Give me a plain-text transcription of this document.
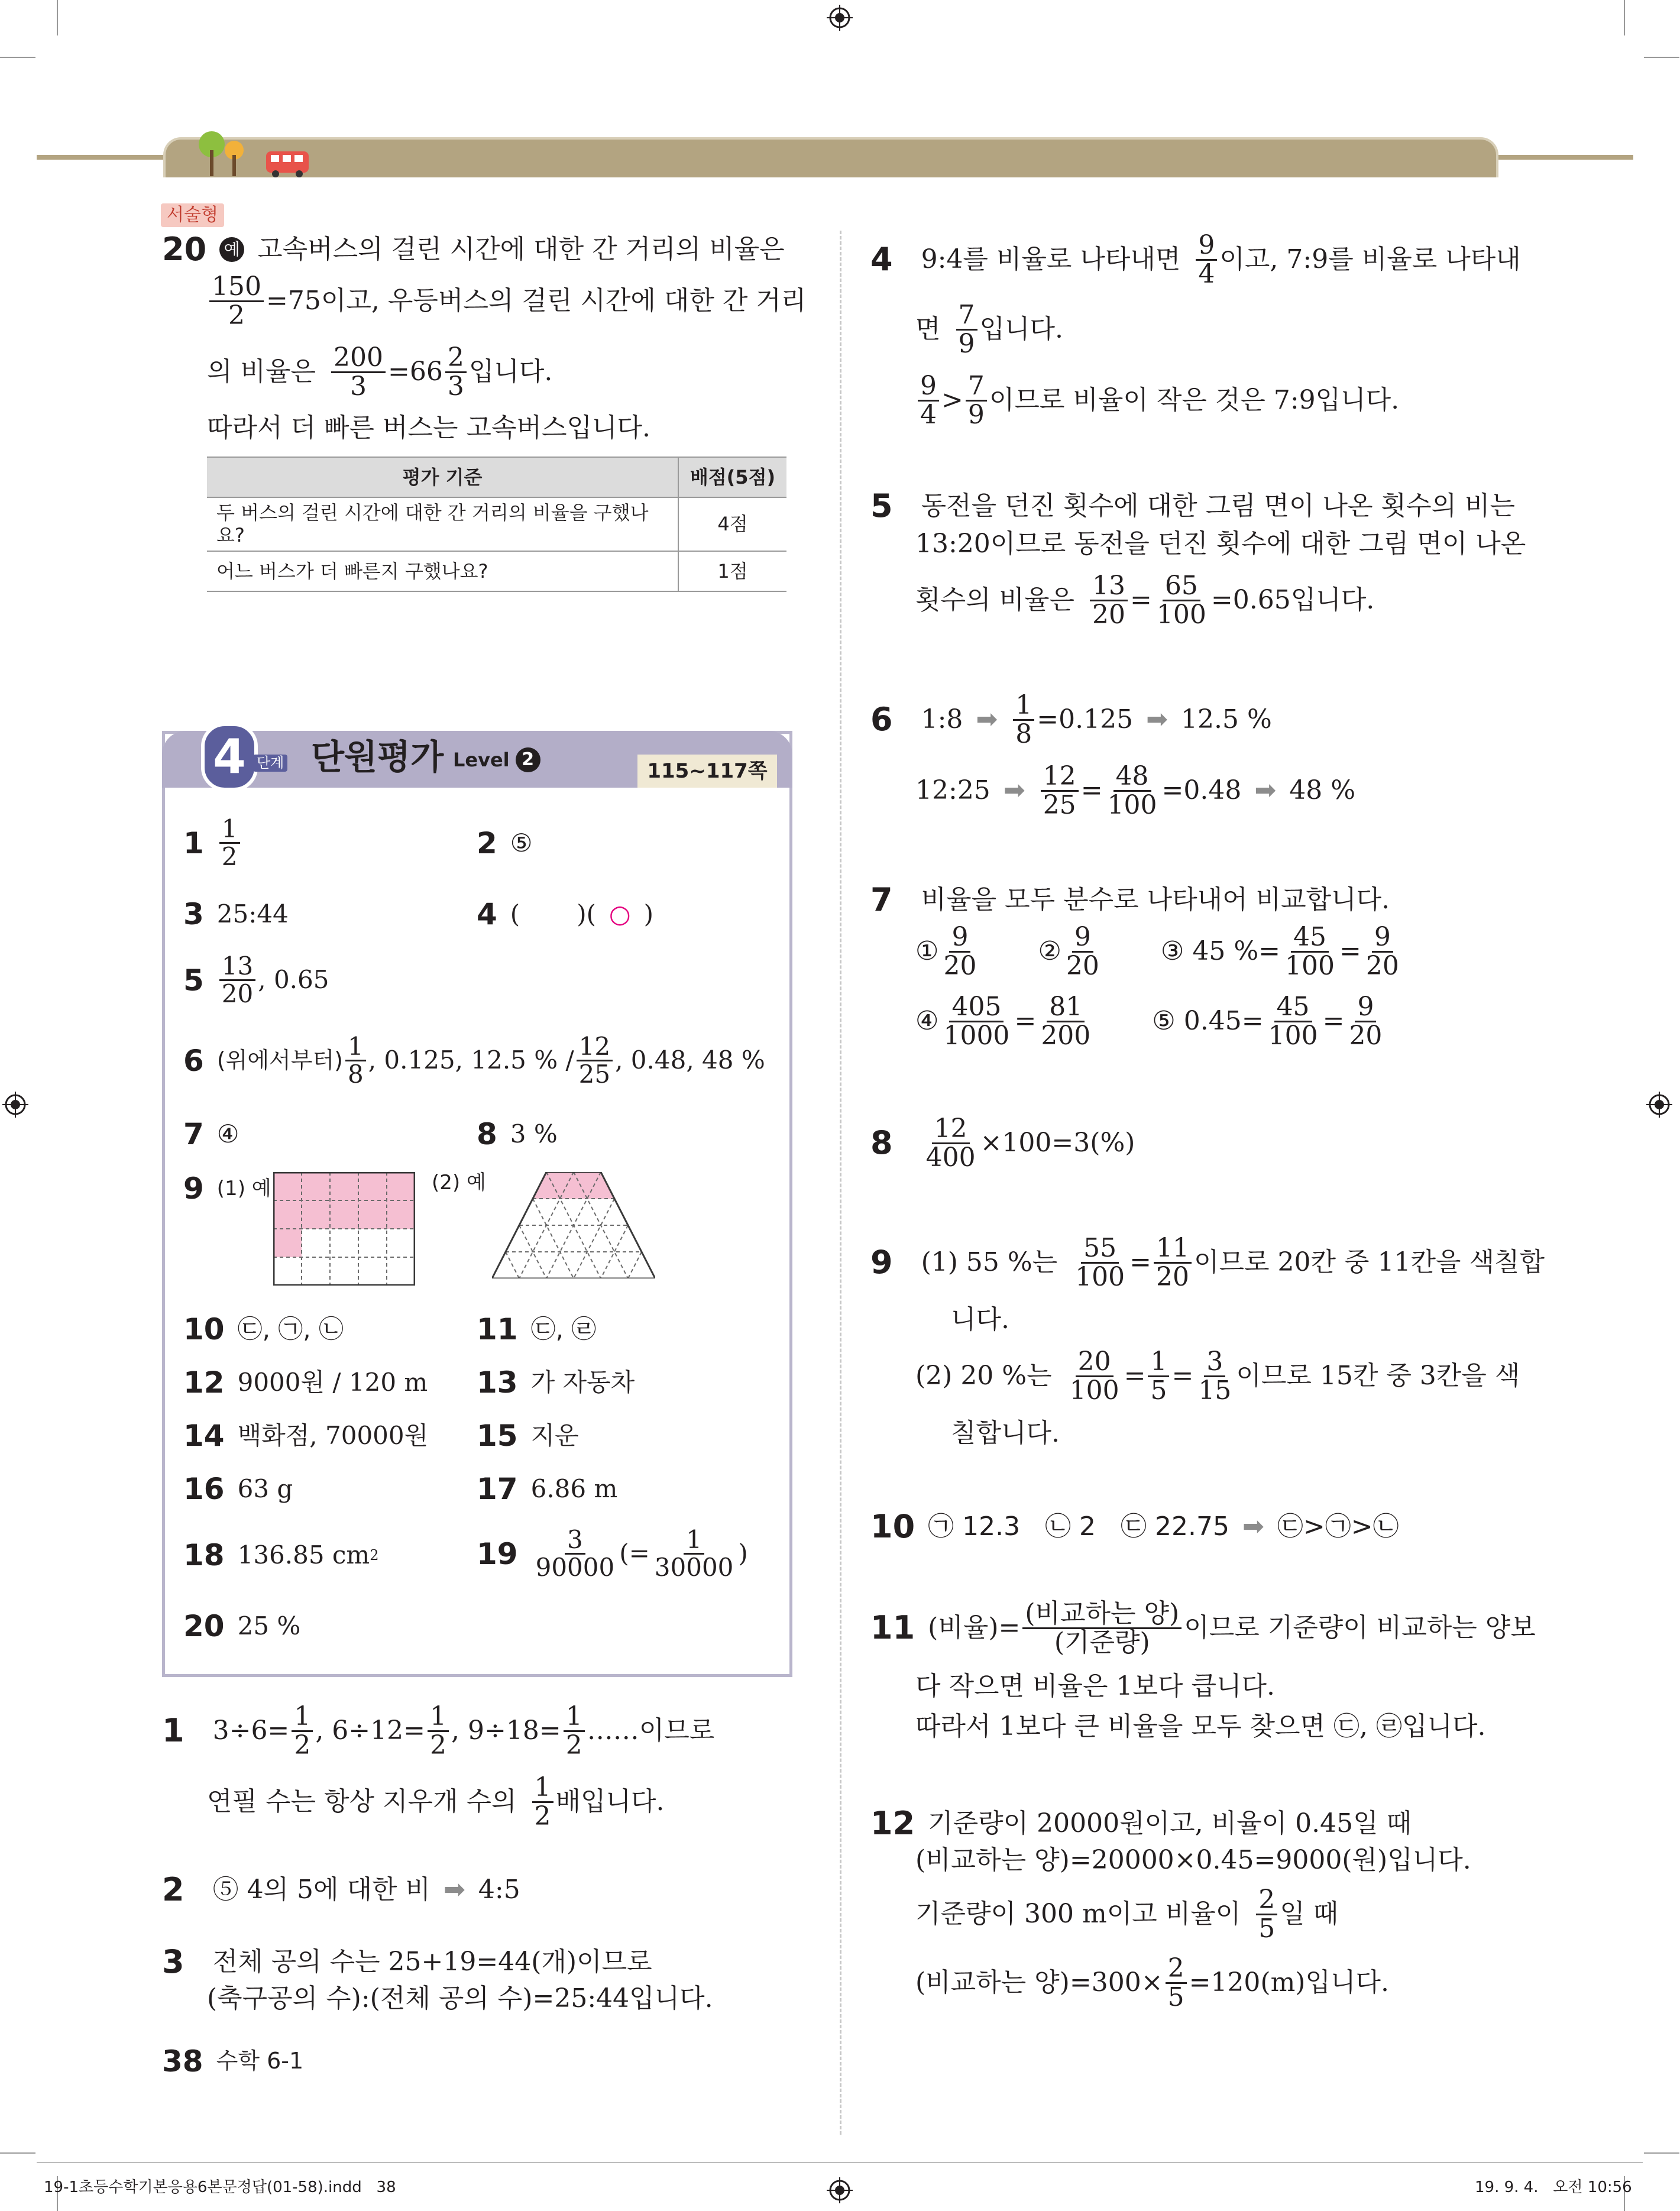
서술형
20 예 고속버스의 걸린 시간에 대한 간 거리의 비율은
$\frac{150}{2} =75$이고, 우등버스의 걸린 시간에 대한 간 거리
의 비율은 $\frac{200}{3} =66 \frac{2}{3}$ 입니다.
따라서 더 빠른 버스는 고속버스입니다.
평가 기준	배점(5점)
두 버스의 걸린 시간에 대한 간 거리의 비율을 구했나요?	4점
어느 버스가 더 빠른지 구했나요?	1점
4 단계 단원평가 Level 2	115~117쪽
$1 \frac{1}{2}$	2 ⑤
3 25:44	4 ( ) ( ○ )
$5 \frac{13}{20}$ , 0.65
6 (위에서부터) $\frac{1}{8}$ , 0.125, 12.5 % / $\frac{12}{25}$ , 0.48, 48 %
7 ④	8 3 %
9 (1) 예	(2) 예
10 ㉢, ㉠, ㉡	11 ㉢, ㉣
12 9000원 / 120 m 13 가 자동차
14 백화점, 70000원 15 지운
16 63 g	17 6.86 m
18 136.85 cm 2	$19 \frac{3}{90000}$ (= $\frac{1}{30000}$ )
20 25 %
1 $3\div 6= \frac{1}{2}$ , $6\div 12= \frac{1}{2}$ , $9\div 18= \frac{1}{2}$ ……이므로
연필 수는 항상 지우개 수의 $\frac{1}{2}$ 배입니다.
2 ⑤ 4의 5에 대한 비 ➡ 4:5
3 전체 공의 수는 25+19=44(개)이므로
(축구공의 수):(전체 공의 수)=25:44입니다.
38 수학 6-1
4 9:4를 비율로 나타내면 $\frac{9}{4}$ 이고, 7:9를 비율로 나타내
면 $\frac{7}{9}$ 입니다.
$\frac{9}{4} > \frac{7}{9}$ 이므로 비율이 작은 것은 7:9입니다.
5 동전을 던진 횟수에 대한 그림 면이 나온 횟수의 비는
13:20이므로 동전을 던진 횟수에 대한 그림 면이 나온
횟수의 비율은 $\frac{13}{20} = \frac{65}{100} =0.65$입니다.
6 1:8 ➡ $\frac{1}{8} =0.125$ ➡ 12.5 %
12:25 ➡ $\frac{12}{25} = \frac{48}{100} =0.48$ ➡ 48 %
7 비율을 모두 분수로 나타내어 비교합니다.
① $\frac{9}{20}$ ② $\frac{9}{20}$ ③ 45 %= $\frac{45}{100} = \frac{9}{20}$
④ $\frac{405}{1000} = \frac{81}{200}$ ⑤ $0.45= \frac{45}{100} = \frac{9}{20}$
$8 \frac{12}{400} \times 100=3(\%)$
9 (1) 55 %는 $\frac{55}{100} = \frac{11}{20}$ 이므로 20칸 중 11칸을 색칠합
니다.
(2) 20 %는 $\frac{20}{100} = \frac{1}{5} = \frac{3}{15}$ 이므로 15칸 중 3칸을 색
칠합니다.
10 ㉠ 12.3   ㉡ 2   ㉢ 22.75 ➡ ㉢>㉠>㉡
11 (비율)= $\frac{\text{(비교하는 양)}}{\text{(기준량)}}$ 이므로 기준량이 비교하는 양보
다 작으면 비율은 1보다 큽니다.
따라서 1보다 큰 비율을 모두 찾으면 ㉢, ㉣입니다.
12 기준량이 20000원이고, 비율이 0.45일 때
(비교하는 양)=20000×0.45=9000(원)입니다.
기준량이 300 m이고 비율이 $\frac{2}{5}$ 일 때
(비교하는 양)$=300\times \frac{2}{5} =120(m)$입니다.
19-1초등수학기본응용6본문정답(01-58).indd   38	19. 9. 4.   오전 10:56
